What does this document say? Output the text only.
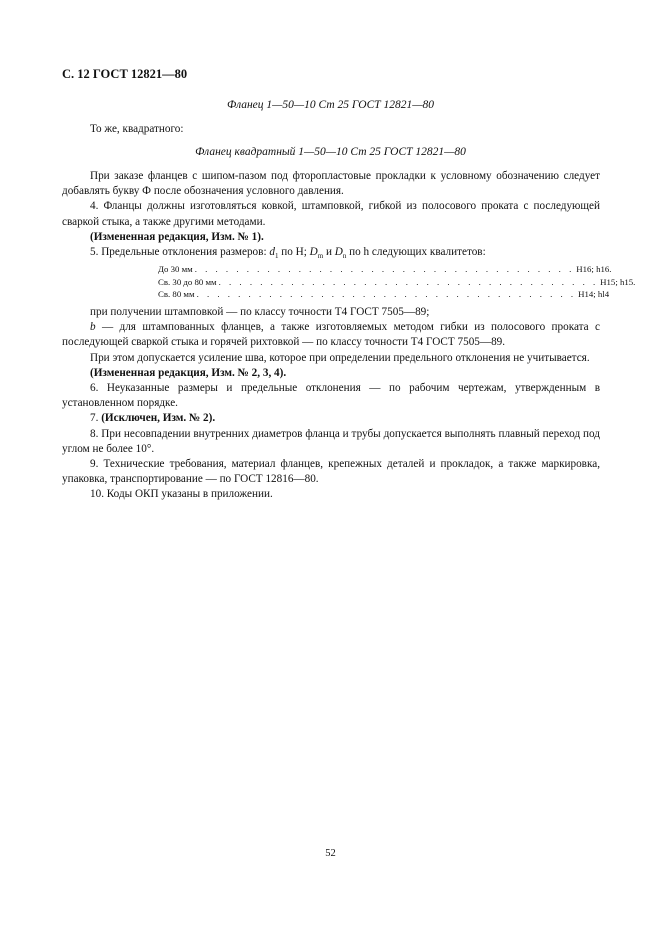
С. 12 ГОСТ 12821—80
Фланец 1—50—10 Ст 25 ГОСТ 12821—80

То же, квадратного:

Фланец квадратный 1—50—10 Ст 25 ГОСТ 12821—80

При заказе фланцев с шипом-пазом под фторопластовые прокладки к условному обозначению следует добавлять букву Ф после обозначения условного давления.

4. Фланцы должны изготовляться ковкой, штамповкой, гибкой из полосового проката с последующей сваркой стыка, а также другими методами.

(Измененная редакция, Изм. № 1).

5. Предельные отклонения размеров: $d_1$ по H; $D_m$ и $D_n$ по h следующих квалитетов:

До 30 мм . . . . . . . . . . . . . . . . . . . . . . . . . . . . . . . . . . . . . H16; h16.
Св. 30 до 80 мм . . . . . . . . . . . . . . . . . . . . . . . . . . . . . . . . . . . . . H15; h15.
Св. 80 мм . . . . . . . . . . . . . . . . . . . . . . . . . . . . . . . . . . . . . H14; hl4

при получении штамповкой — по классу точности Т4 ГОСТ 7505—89;

b — для штампованных фланцев, а также изготовляемых методом гибки из полосового проката с последующей сваркой стыка и горячей рихтовкой — по классу точности Т4 ГОСТ 7505—89.

При этом допускается усиление шва, которое при определении предельного отклонения не учитывается.

(Измененная редакция, Изм. № 2, 3, 4).

6. Неуказанные размеры и предельные отклонения — по рабочим чертежам, утвержденным в установленном порядке.

7. (Исключен, Изм. № 2).

8. При несовпадении внутренних диаметров фланца и трубы допускается выполнять плавный переход под углом не более 10°.

9. Технические требования, материал фланцев, крепежных деталей и прокладок, а также маркировка, упаковка, транспортирование — по ГОСТ 12816—80.

10. Коды ОКП указаны в приложении.

52
